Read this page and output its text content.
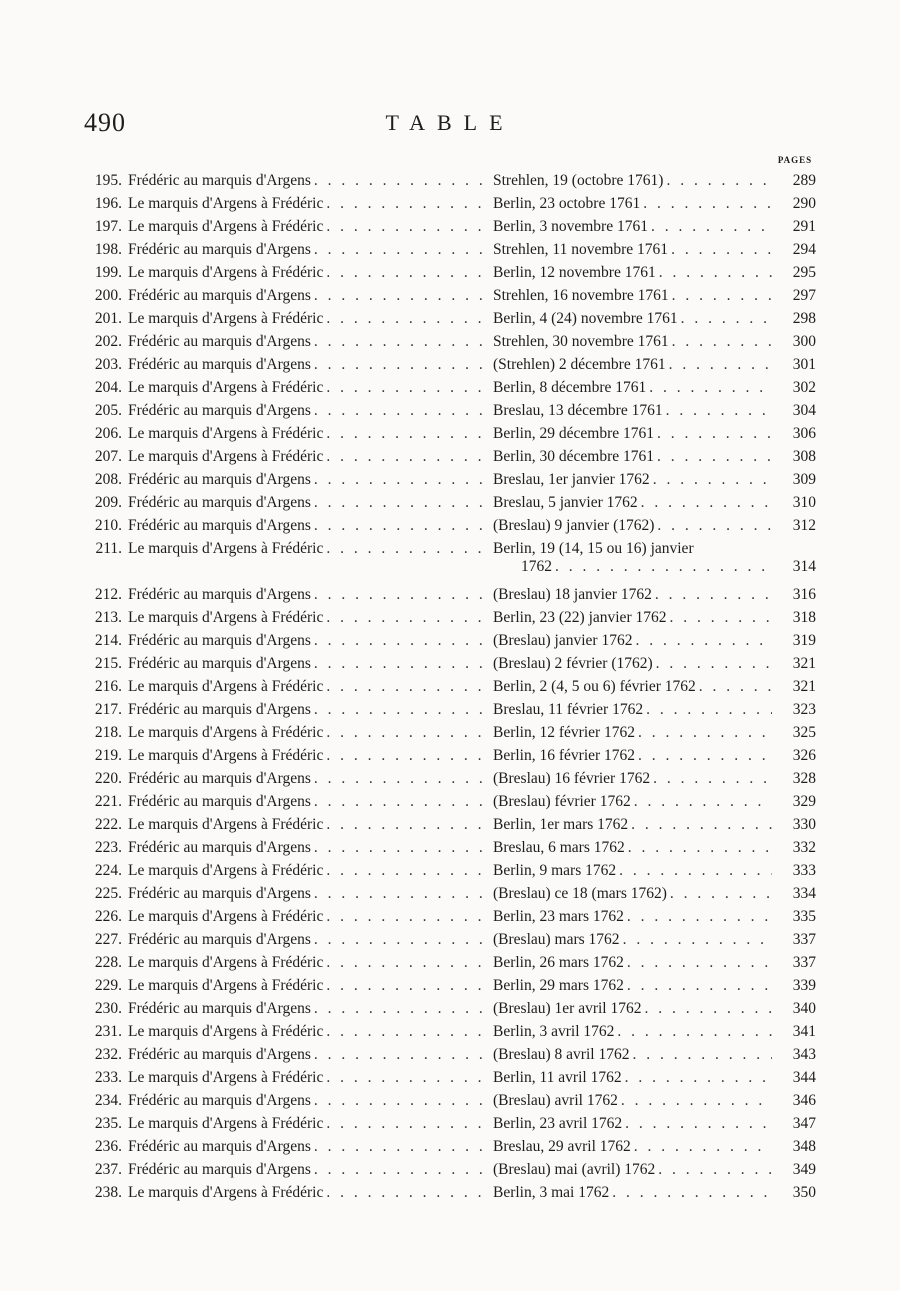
490	TABLE
PAGES
195. Frédéric au marquis d'Argens . . .	Strehlen, 19 (octobre 1761) . . .	289
196. Le marquis d'Argens à Frédéric . . .	Berlin, 23 octobre 1761 . . .	290
197. Le marquis d'Argens à Frédéric . . .	Berlin, 3 novembre 1761 . . .	291
198. Frédéric au marquis d'Argens . . .	Strehlen, 11 novembre 1761 . . .	294
199. Le marquis d'Argens à Frédéric . . .	Berlin, 12 novembre 1761 . . .	295
200. Frédéric au marquis d'Argens . . .	Strehlen, 16 novembre 1761 . . .	297
201. Le marquis d'Argens à Frédéric . . .	Berlin, 4 (24) novembre 1761 . . .	298
202. Frédéric au marquis d'Argens . . .	Strehlen, 30 novembre 1761 . . .	300
203. Frédéric au marquis d'Argens . . .	(Strehlen) 2 décembre 1761 . . .	301
204. Le marquis d'Argens à Frédéric . . .	Berlin, 8 décembre 1761 . . .	302
205. Frédéric au marquis d'Argens . . .	Breslau, 13 décembre 1761 . . .	304
206. Le marquis d'Argens à Frédéric . . .	Berlin, 29 décembre 1761 . . .	306
207. Le marquis d'Argens à Frédéric . . .	Berlin, 30 décembre 1761 . . .	308
208. Frédéric au marquis d'Argens . . .	Breslau, 1er janvier 1762 . . .	309
209. Frédéric au marquis d'Argens . . .	Breslau, 5 janvier 1762 . . .	310
210. Frédéric au marquis d'Argens . . .	(Breslau) 9 janvier (1762) . . .	312
211. Le marquis d'Argens à Frédéric . . .	Berlin, 19 (14, 15 ou 16) janvier
1762 . . .	314
212. Frédéric au marquis d'Argens . . .	(Breslau) 18 janvier 1762 . . .	316
213. Le marquis d'Argens à Frédéric . . .	Berlin, 23 (22) janvier 1762 . . .	318
214. Frédéric au marquis d'Argens . . .	(Breslau) janvier 1762 . . .	319
215. Frédéric au marquis d'Argens . . .	(Breslau) 2 février (1762) . . .	321
216. Le marquis d'Argens à Frédéric . . .	Berlin, 2 (4, 5 ou 6) février 1762 . . .	321
217. Frédéric au marquis d'Argens . . .	Breslau, 11 février 1762 . . .	323
218. Le marquis d'Argens à Frédéric . . .	Berlin, 12 février 1762 . . .	325
219. Le marquis d'Argens à Frédéric . . .	Berlin, 16 février 1762 . . .	326
220. Frédéric au marquis d'Argens . . .	(Breslau) 16 février 1762 . . .	328
221. Frédéric au marquis d'Argens . . .	(Breslau) février 1762 . . .	329
222. Le marquis d'Argens à Frédéric . . .	Berlin, 1er mars 1762 . . .	330
223. Frédéric au marquis d'Argens . . .	Breslau, 6 mars 1762 . . .	332
224. Le marquis d'Argens à Frédéric . . .	Berlin, 9 mars 1762 . . .	333
225. Frédéric au marquis d'Argens . . .	(Breslau) ce 18 (mars 1762) . . .	334
226. Le marquis d'Argens à Frédéric . . .	Berlin, 23 mars 1762 . . .	335
227. Frédéric au marquis d'Argens . . .	(Breslau) mars 1762 . . .	337
228. Le marquis d'Argens à Frédéric . . .	Berlin, 26 mars 1762 . . .	337
229. Le marquis d'Argens à Frédéric . . .	Berlin, 29 mars 1762 . . .	339
230. Frédéric au marquis d'Argens . . .	(Breslau) 1er avril 1762 . . .	340
231. Le marquis d'Argens à Frédéric . . .	Berlin, 3 avril 1762 . . .	341
232. Frédéric au marquis d'Argens . . .	(Breslau) 8 avril 1762 . . .	343
233. Le marquis d'Argens à Frédéric . . .	Berlin, 11 avril 1762 . . .	344
234. Frédéric au marquis d'Argens . . .	(Breslau) avril 1762 . . .	346
235. Le marquis d'Argens à Frédéric . . .	Berlin, 23 avril 1762 . . .	347
236. Frédéric au marquis d'Argens . . .	Breslau, 29 avril 1762 . . .	348
237. Frédéric au marquis d'Argens . . .	(Breslau) mai (avril) 1762 . . .	349
238. Le marquis d'Argens à Frédéric . . .	Berlin, 3 mai 1762 . . .	350
